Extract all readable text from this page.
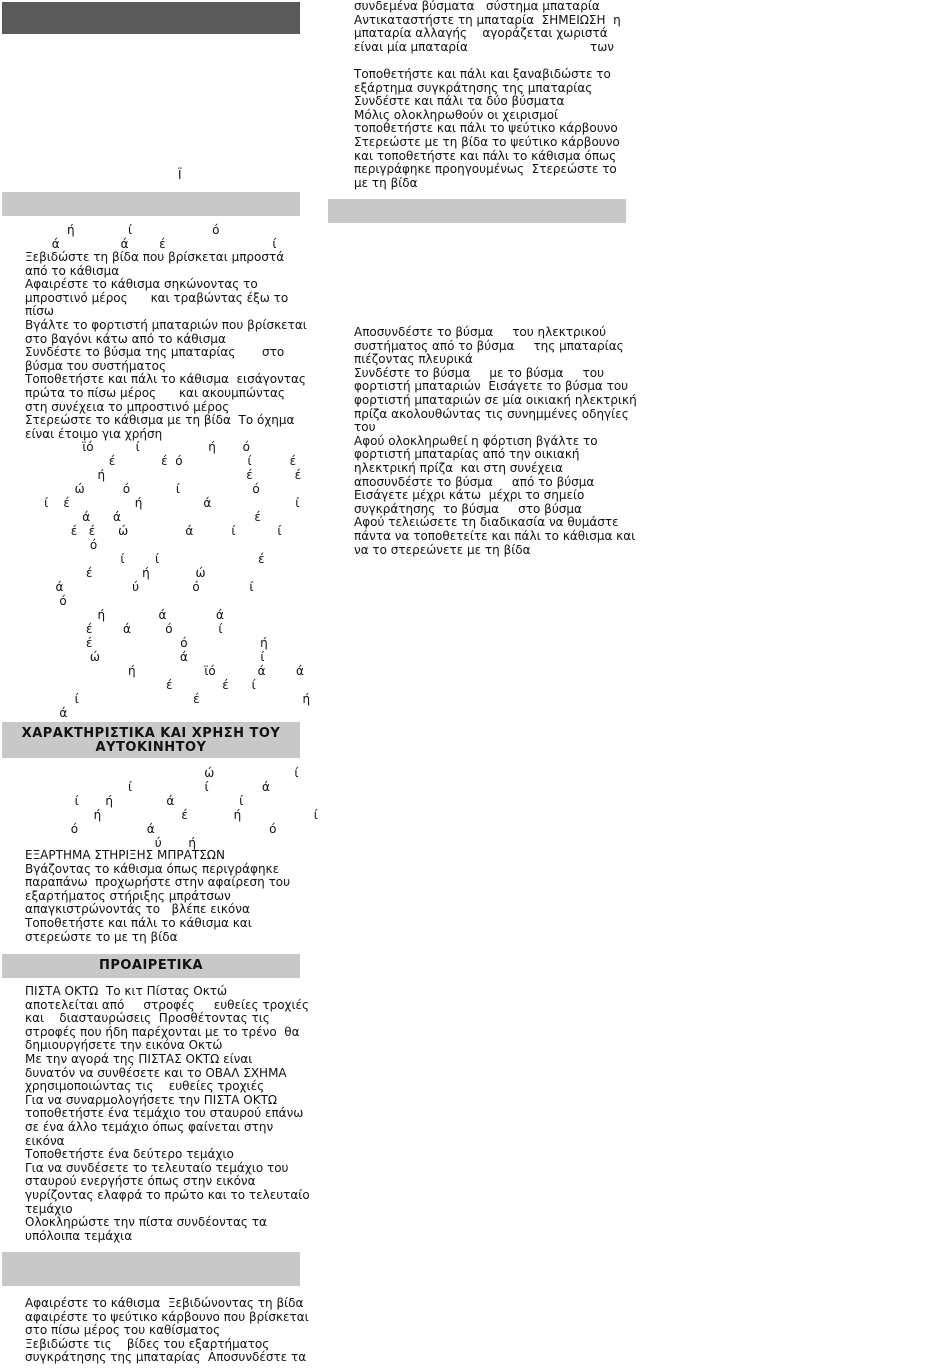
Ϊ
ή              ί                     ό
ά                ά        έ                            ί
Ξεβιδώστε τη βίδα που βρίσκεται μπροστά
από το κάθισμα
Αφαιρέστε το κάθισμα σηκώνοντας το
μπροστινό μέρος      και τραβώντας έξω το
πίσω
Βγάλτε το φορτιστή μπαταριών που βρίσκεται
στο βαγόνι κάτω από το κάθισμα
Συνδέστε το βύσμα της μπαταρίας       στο
βύσμα του συστήματος
Τοποθετήστε και πάλι το κάθισμα  εισάγοντας
πρώτα το πίσω μέρος      και ακουμπώντας
στη συνέχεια το μπροστινό μέρος
Στερεώστε το κάθισμα με τη βίδα  Το όχημα
είναι έτοιμο για χρήση
ϊό           ί                  ή       ό
έ            έ  ό                 ί          έ
ή                                     έ           έ
ώ          ό            ί                   ό
ί    έ                 ή                ά                      ί
ά      ά                                   έ
έ   έ      ώ               ά          ί           ί
ό
ί        ί                          έ
έ             ή            ώ
ά                  ύ              ό             ί
ό
ή              ά             ά
έ        ά         ό            ί
έ                       ό                   ή
ώ                     ά                   ί
ή                  ϊό           ά        ά
έ             έ      ί
ί                              έ                           ή
ά
ΧΑΡΑΚΤΗΡΙΣΤΙΚΑ ΚΑΙ ΧΡΗΣΗ ΤΟΥ
ΑΥΤΟΚΙΝΗΤΟΥ
ώ                     ί
ί                   ί              ά
ί       ή              ά                 ί
ή                     έ            ή                   ί
ό                  ά                              ό
ύ       ή
ΕΞΑΡΤΗΜΑ ΣΤΗΡΙΞΗΣ ΜΠΡΑΤΣΩΝ
Βγάζοντας το κάθισμα όπως περιγράφηκε
παραπάνω  προχωρήστε στην αφαίρεση του
εξαρτήματος στήριξης μπράτσων
απαγκιστρώνοντάς το   βλέπε εικόνα
Τοποθετήστε και πάλι το κάθισμα και
στερεώστε το με τη βίδα
ΠΡΟΑΙΡΕΤΙΚΑ
ΠΙΣΤΑ ΟΚΤΩ  Το κιτ Πίστας Οκτώ
αποτελείται από     στροφές     ευθείες τροχιές
και    διασταυρώσεις  Προσθέτοντας τις
στροφές που ήδη παρέχονται με το τρένο  θα
δημιουργήσετε την εικόνα Οκτώ
Με την αγορά της ΠΙΣΤΑΣ ΟΚΤΩ είναι
δυνατόν να συνθέσετε και το ΟΒΑΛ ΣΧΗΜΑ
χρησιμοποιώντας τις    ευθείες τροχιές
Για να συναρμολογήσετε την ΠΙΣΤΑ ΟΚΤΩ
τοποθετήστε ένα τεμάχιο του σταυρού επάνω
σε ένα άλλο τεμάχιο όπως φαίνεται στην
εικόνα
Τοποθετήστε ένα δεύτερο τεμάχιο
Για να συνδέσετε το τελευταίο τεμάχιο του
σταυρού ενεργήστε όπως στην εικόνα
γυρίζοντας ελαφρά το πρώτο και το τελευταίο
τεμάχιο
Ολοκληρώστε την πίστα συνδέοντας τα
υπόλοιπα τεμάχια
Αφαιρέστε το κάθισμα  Ξεβιδώνοντας τη βίδα
αφαιρέστε το ψεύτικο κάρβουνο που βρίσκεται
στο πίσω μέρος του καθίσματος
Ξεβιδώστε τις    βίδες του εξαρτήματος
συγκράτησης της μπαταρίας  Αποσυνδέστε τα
συνδεμένα βύσματα   σύστημα μπαταρία
Αντικαταστήστε τη μπαταρία  ΣΗΜΕΙΩΣΗ  η
μπαταρία αλλαγής    αγοράζεται χωριστά
είναι μία μπαταρία                                των
Τοποθετήστε και πάλι και ξαναβιδώστε το
εξάρτημα συγκράτησης της μπαταρίας
Συνδέστε και πάλι τα δύο βύσματα
Μόλις ολοκληρωθούν οι χειρισμοί
τοποθετήστε και πάλι το ψεύτικο κάρβουνο
Στερεώστε με τη βίδα το ψεύτικο κάρβουνο
και τοποθετήστε και πάλι το κάθισμα όπως
περιγράφηκε προηγουμένως  Στερεώστε το
με τη βίδα
Αποσυνδέστε το βύσμα     του ηλεκτρικού
συστήματος από το βύσμα     της μπαταρίας
πιέζοντας πλευρικά
Συνδέστε το βύσμα     με το βύσμα     του
φορτιστή μπαταριών  Εισάγετε το βύσμα του
φορτιστή μπαταριών σε μία οικιακή ηλεκτρική
πρίζα ακολουθώντας τις συνημμένες οδηγίες
του
Αφού ολοκληρωθεί η φόρτιση βγάλτε το
φορτιστή μπαταρίας από την οικιακή
ηλεκτρική πρίζα  και στη συνέχεια
αποσυνδέστε το βύσμα     από το βύσμα
Εισάγετε μέχρι κάτω  μέχρι το σημείο
συγκράτησης  το βύσμα     στο βύσμα
Αφού τελειώσετε τη διαδικασία να θυμάστε
πάντα να τοποθετείτε και πάλι το κάθισμα και
να το στερεώνετε με τη βίδα
